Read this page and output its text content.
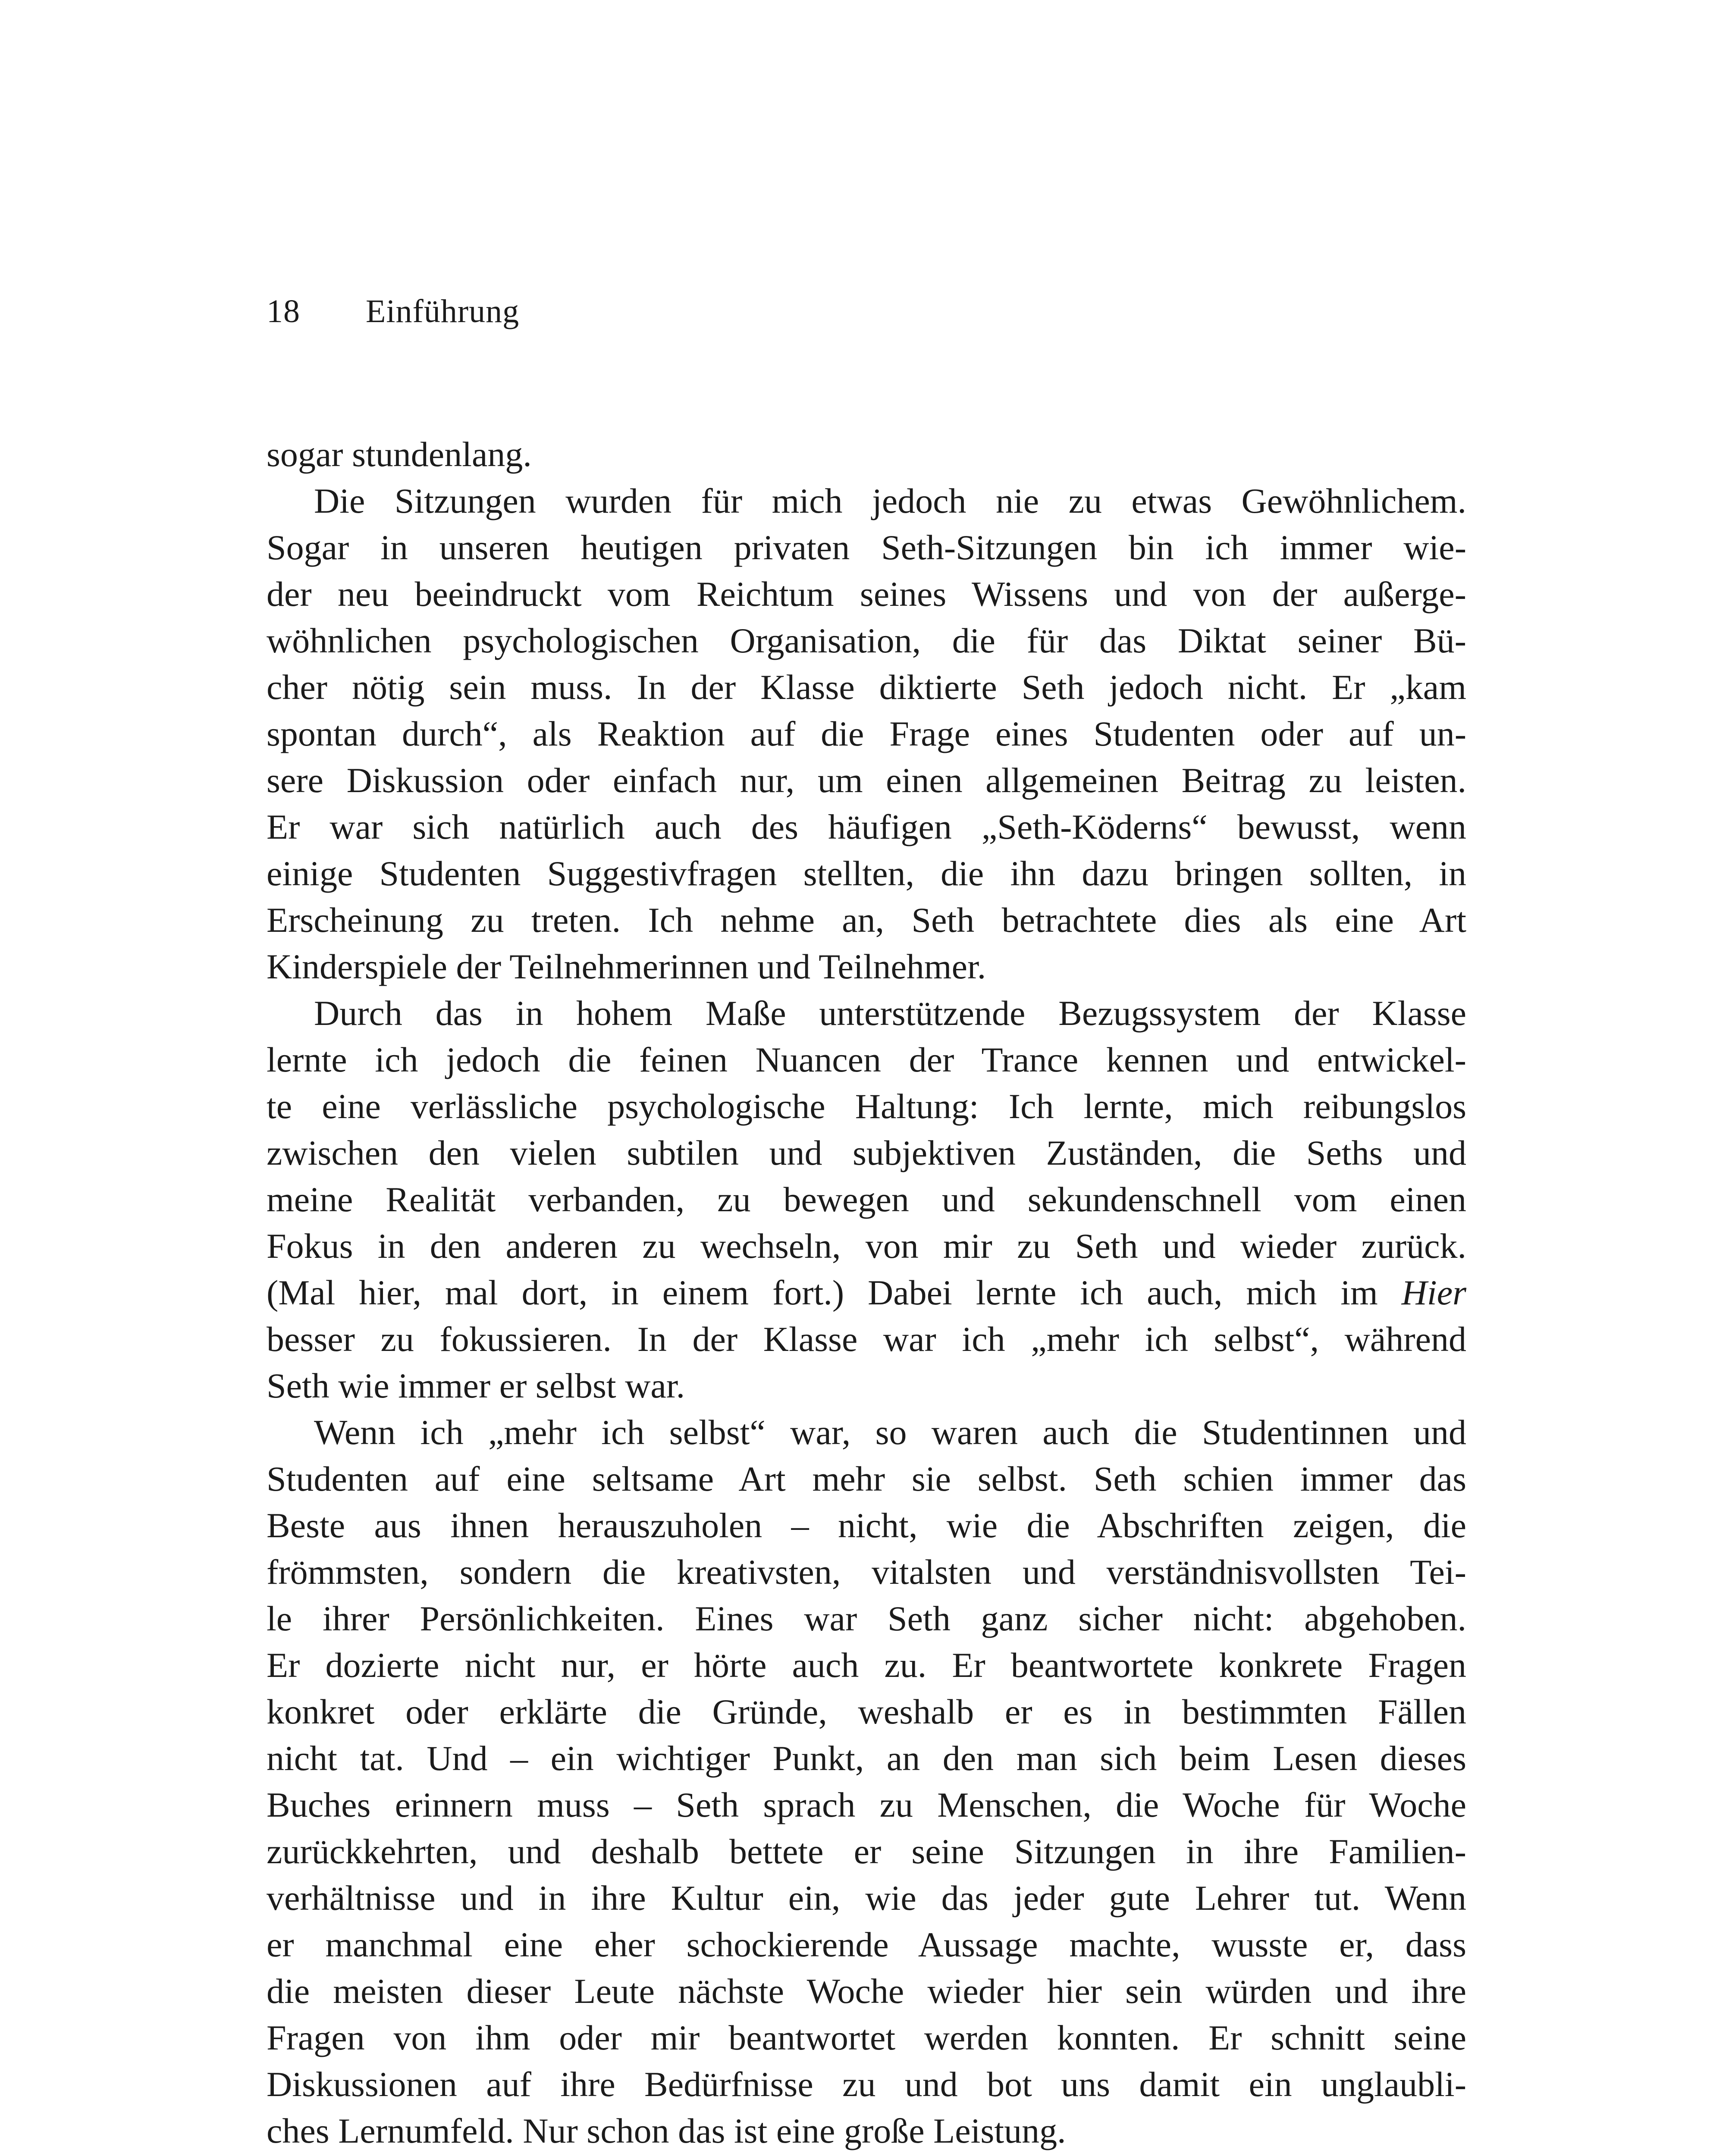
18 Einführung
sogar stundenlang.
Die Sitzungen wurden für mich jedoch nie zu etwas Gewöhnlichem.
Sogar in unseren heutigen privaten Seth-Sitzungen bin ich immer wie-
der neu beeindruckt vom Reichtum seines Wissens und von der außerge-
wöhnlichen psychologischen Organisation, die für das Diktat seiner Bü-
cher nötig sein muss. In der Klasse diktierte Seth jedoch nicht. Er „kam
spontan durch“, als Reaktion auf die Frage eines Studenten oder auf un-
sere Diskussion oder einfach nur, um einen allgemeinen Beitrag zu leisten.
Er war sich natürlich auch des häufigen „Seth-Köderns“ bewusst, wenn
einige Studenten Suggestivfragen stellten, die ihn dazu bringen sollten, in
Erscheinung zu treten. Ich nehme an, Seth betrachtete dies als eine Art
Kinderspiele der Teilnehmerinnen und Teilnehmer.
Durch das in hohem Maße unterstützende Bezugssystem der Klasse
lernte ich jedoch die feinen Nuancen der Trance kennen und entwickel-
te eine verlässliche psychologische Haltung: Ich lernte, mich reibungslos
zwischen den vielen subtilen und subjektiven Zuständen, die Seths und
meine Realität verbanden, zu bewegen und sekundenschnell vom einen
Fokus in den anderen zu wechseln, von mir zu Seth und wieder zurück.
(Mal hier, mal dort, in einem fort.) Dabei lernte ich auch, mich im Hier
besser zu fokussieren. In der Klasse war ich „mehr ich selbst“, während
Seth wie immer er selbst war.
Wenn ich „mehr ich selbst“ war, so waren auch die Studentinnen und
Studenten auf eine seltsame Art mehr sie selbst. Seth schien immer das
Beste aus ihnen herauszuholen – nicht, wie die Abschriften zeigen, die
frömmsten, sondern die kreativsten, vitalsten und verständnisvollsten Tei-
le ihrer Persönlichkeiten. Eines war Seth ganz sicher nicht: abgehoben.
Er dozierte nicht nur, er hörte auch zu. Er beantwortete konkrete Fragen
konkret oder erklärte die Gründe, weshalb er es in bestimmten Fällen
nicht tat. Und – ein wichtiger Punkt, an den man sich beim Lesen dieses
Buches erinnern muss – Seth sprach zu Menschen, die Woche für Woche
zurückkehrten, und deshalb bettete er seine Sitzungen in ihre Familien-
verhältnisse und in ihre Kultur ein, wie das jeder gute Lehrer tut. Wenn
er manchmal eine eher schockierende Aussage machte, wusste er, dass
die meisten dieser Leute nächste Woche wieder hier sein würden und ihre
Fragen von ihm oder mir beantwortet werden konnten. Er schnitt seine
Diskussionen auf ihre Bedürfnisse zu und bot uns damit ein unglaubli-
ches Lernumfeld. Nur schon das ist eine große Leistung.
